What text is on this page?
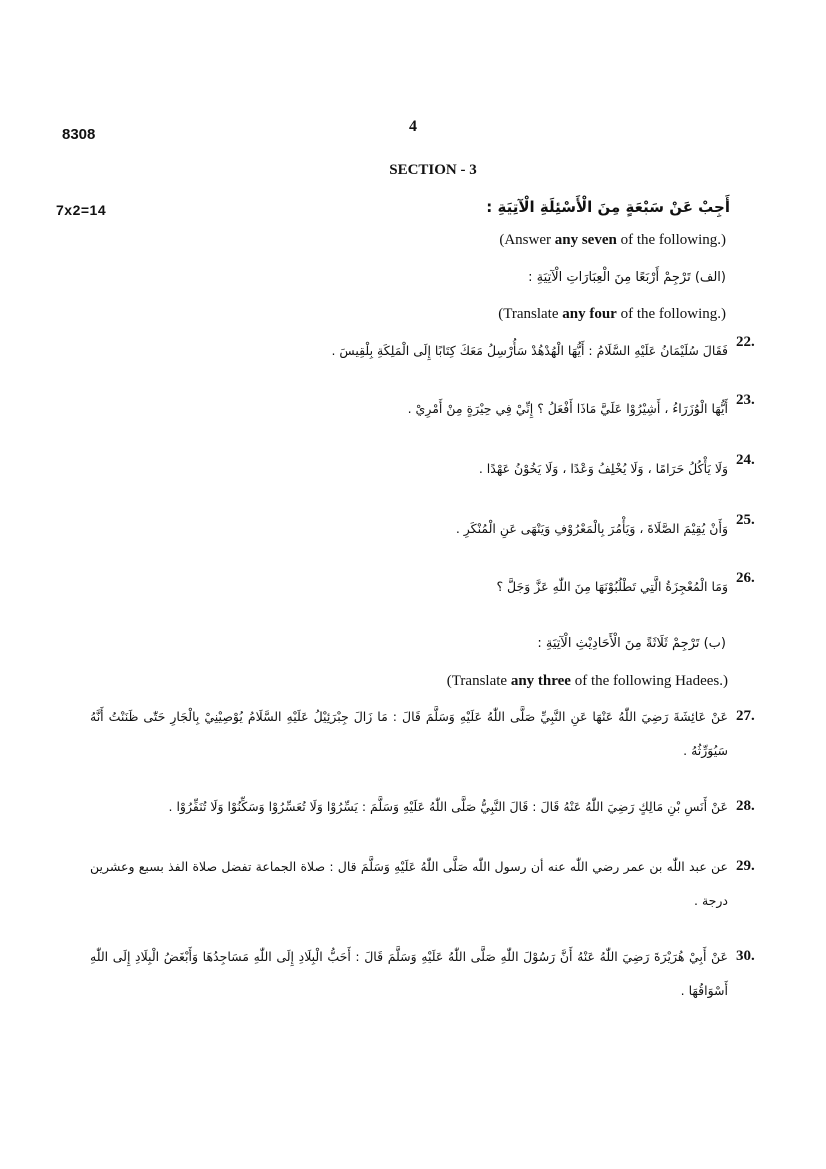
8308	4
SECTION - 3
7x2=14	أَجِبْ عَنْ سَبْعَةٍ مِنَ الْأَسْئِلَةِ الْآتِيَةِ :
(Answer any seven of the following.)
(الف) تَرْجِمْ أَرْبَعًا مِنَ الْعِبَارَاتِ الْآتِيَةِ :
(Translate any four of the following.)
22.
فَقَالَ سُلَيْمَانُ عَلَيْهِ السَّلَامُ : أَيُّهَا الْهُدْهُدْ سَأُرْسِلُ مَعَكَ كِتَابًا إِلَى الْمَلِكَةِ بِلْقِيسَ .
23.
أَيُّهَا الْوُزَرَاءُ ، أَشِيْرُوْا عَلَيَّ مَاذَا أَفْعَلُ ؟ إِنِّيْ فِي حِيْرَةٍ مِنْ أَمْرِيْ .
24.
وَلَا يَأْكُلُ حَرَامًا ، وَلَا يُخْلِفُ وَعْدًا ، وَلَا يَخُوْنُ عَهْدًا .
25.
وَأَنْ يُقِيْمَ الصَّلَاةَ ، وَيَأْمُرَ بِالْمَعْرُوْفِ وَيَنْهَى عَنِ الْمُنْكَرِ .
26.
وَمَا الْمُعْجِزَةُ الَّتِي تَطْلُبُوْنَهَا مِنَ اللّٰهِ عَزَّ وَجَلَّ ؟
(ب) تَرْجِمْ ثَلَاثَةً مِنَ الْأَحَادِيْثِ الْآتِيَةِ :
(Translate any three of the following Hadees.)
27.
عَنْ عَائِشَةَ رَضِيَ اللّٰهُ عَنْهَا عَنِ النَّبِيِّ صَلَّى اللّٰهُ عَلَيْهِ وَسَلَّمَ قَالَ : مَا زَالَ جِبْرَئِيْلُ عَلَيْهِ السَّلَامُ يُوْصِيْنِيْ بِالْجَارِ حَتّٰى ظَنَنْتُ أَنَّهُ سَيُوَرِّثُهُ .
28.
عَنْ أَنَسِ بْنِ مَالِكٍ رَضِيَ اللّٰهُ عَنْهُ قَالَ : قَالَ النَّبِيُّ صَلَّى اللّٰهُ عَلَيْهِ وَسَلَّمَ : يَسِّرُوْا وَلَا تُعَسِّرُوْا وَسَكِّنُوْا وَلَا تُنَفِّرُوْا .
29.
عن عبد اللّٰه بن عمر رضي اللّٰه عنه أن رسول اللّٰه صَلَّى اللّٰهُ عَلَيْهِ وَسَلَّمَ قال : صلاة الجماعة تفضل صلاة الفذ بسبع وعشرين درجة .
30.
عَنْ أَبِيْ هُرَيْرَةَ رَضِيَ اللّٰهُ عَنْهُ أَنَّ رَسُوْلَ اللّٰهِ صَلَّى اللّٰهُ عَلَيْهِ وَسَلَّمَ قَالَ : أَحَبُّ الْبِلَادِ إِلَى اللّٰهِ مَسَاجِدُهَا وَأَبْغَضُ الْبِلَادِ إِلَى اللّٰهِ أَسْوَاقُهَا .
